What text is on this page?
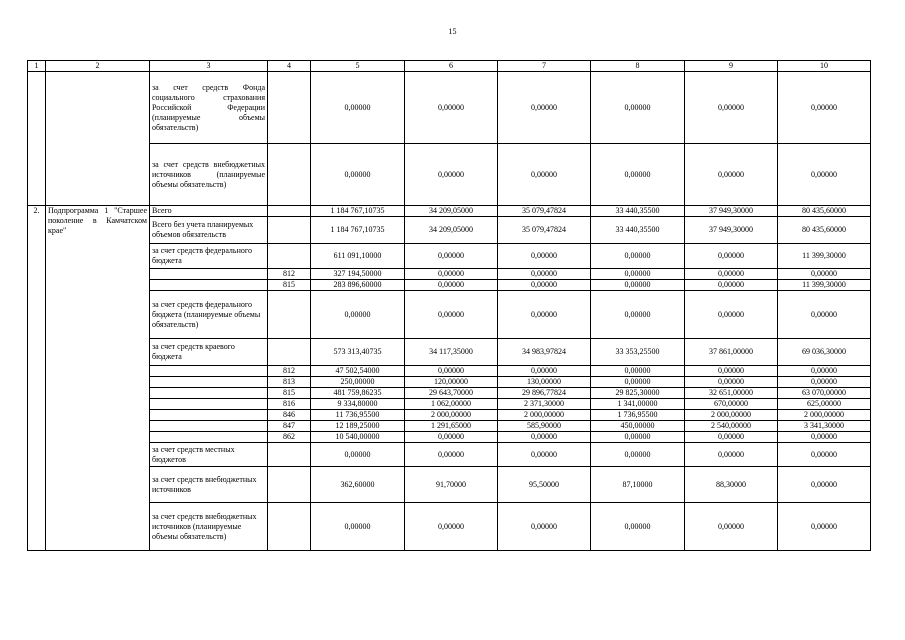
15
1	2	3	4	5	6	7	8	9	10
		за счет средств Фонда социального страхования Российской Федерации (планируемые объемы обязательств)		0,00000	0,00000	0,00000	0,00000	0,00000	0,00000
		за счет средств внебюджетных источников (планируемые объемы обязательств)		0,00000	0,00000	0,00000	0,00000	0,00000	0,00000
2.	Подпрограмма 1 "Старшее поколение в Камчатском крае"	Всего		1 184 767,10735	34 209,05000	35 079,47824	33 440,35500	37 949,30000	80 435,60000
		Всего без учета планируемых объемов обязательств		1 184 767,10735	34 209,05000	35 079,47824	33 440,35500	37 949,30000	80 435,60000
		за счет средств федерального бюджета		611 091,10000	0,00000	0,00000	0,00000	0,00000	11 399,30000
			812	327 194,50000	0,00000	0,00000	0,00000	0,00000	0,00000
			815	283 896,60000	0,00000	0,00000	0,00000	0,00000	11 399,30000
		за счет средств федерального бюджета (планируемые объемы обязательств)		0,00000	0,00000	0,00000	0,00000	0,00000	0,00000
		за счет средств краевого бюджета		573 313,40735	34 117,35000	34 983,97824	33 353,25500	37 861,00000	69 036,30000
			812	47 502,54000	0,00000	0,00000	0,00000	0,00000	0,00000
			813	250,00000	120,00000	130,00000	0,00000	0,00000	0,00000
			815	481 759,86235	29 643,70000	29 896,77824	29 825,30000	32 651,00000	63 070,00000
			816	9 334,80000	1 062,00000	2 371,30000	1 341,00000	670,00000	625,00000
			846	11 736,95500	2 000,00000	2 000,00000	1 736,95500	2 000,00000	2 000,00000
			847	12 189,25000	1 291,65000	585,90000	450,00000	2 540,00000	3 341,30000
			862	10 540,00000	0,00000	0,00000	0,00000	0,00000	0,00000
		за счет средств местных бюджетов		0,00000	0,00000	0,00000	0,00000	0,00000	0,00000
		за счет средств внебюджетных источников		362,60000	91,70000	95,50000	87,10000	88,30000	0,00000
		за счет средств внебюджетных источников (планируемые объемы обязательств)		0,00000	0,00000	0,00000	0,00000	0,00000	0,00000
